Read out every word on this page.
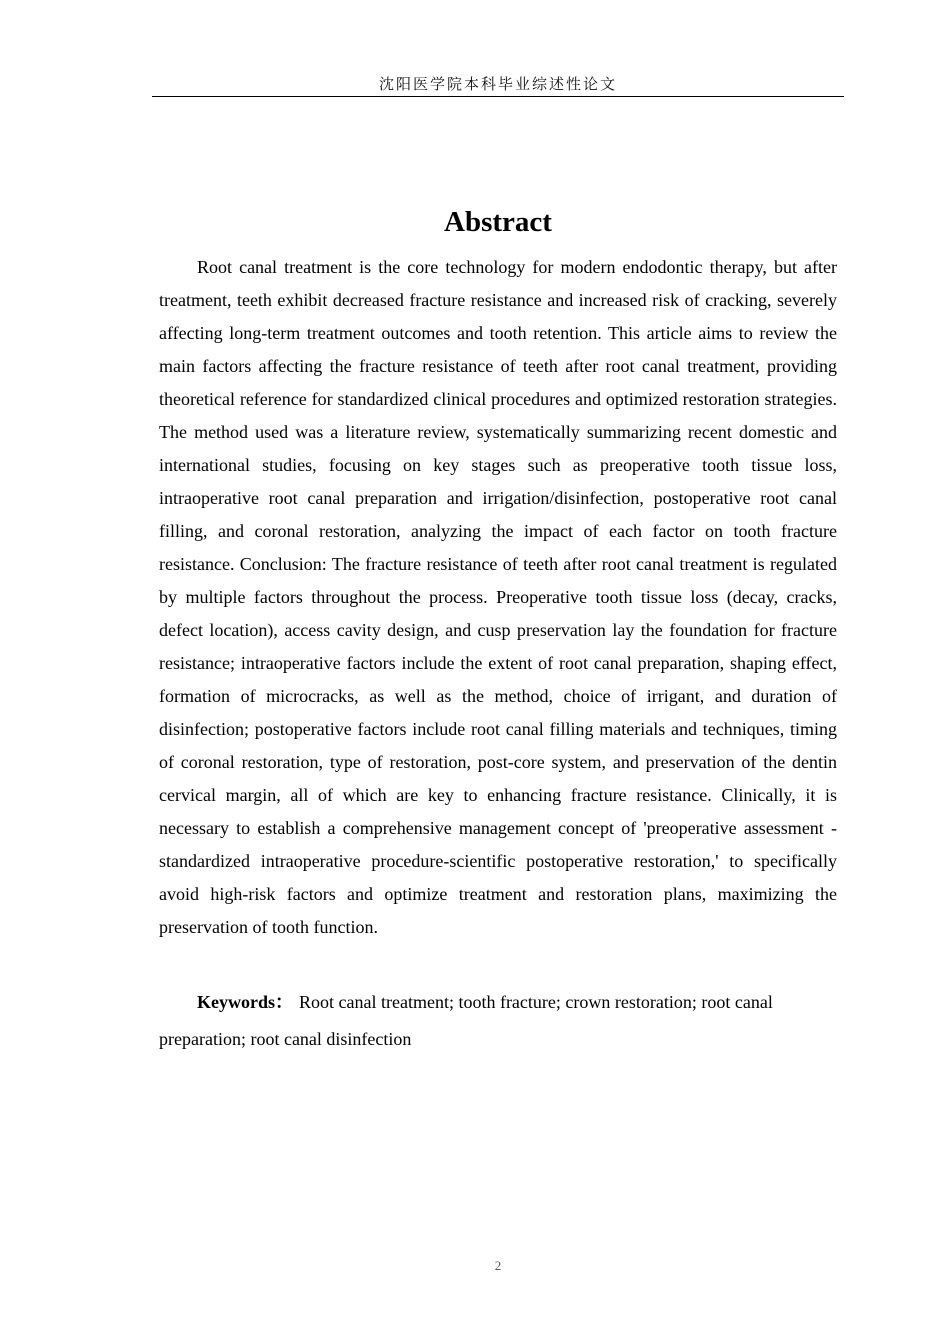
沈阳医学院本科毕业综述性论文
Abstract

Root canal treatment is the core technology for modern endodontic therapy, but after treatment, teeth exhibit decreased fracture resistance and increased risk of cracking, severely affecting long-term treatment outcomes and tooth retention. This article aims to review the main factors affecting the fracture resistance of teeth after root canal treatment, providing theoretical reference for standardized clinical procedures and optimized restoration strategies. The method used was a literature review, systematically summarizing recent domestic and international studies, focusing on key stages such as preoperative tooth tissue loss, intraoperative root canal preparation and irrigation/disinfection, postoperative root canal filling, and coronal restoration, analyzing the impact of each factor on tooth fracture resistance. Conclusion: The fracture resistance of teeth after root canal treatment is regulated by multiple factors throughout the process. Preoperative tooth tissue loss (decay, cracks, defect location), access cavity design, and cusp preservation lay the foundation for fracture resistance; intraoperative factors include the extent of root canal preparation, shaping effect, formation of microcracks, as well as the method, choice of irrigant, and duration of disinfection; postoperative factors include root canal filling materials and techniques, timing of coronal restoration, type of restoration, post-core system, and preservation of the dentin cervical margin, all of which are key to enhancing fracture resistance. Clinically, it is necessary to establish a comprehensive management concept of 'preoperative assessment - standardized intraoperative procedure-scientific postoperative restoration,' to specifically avoid high-risk factors and optimize treatment and restoration plans, maximizing the preservation of tooth function.

Keywords： Root canal treatment; tooth fracture; crown restoration; root canal preparation; root canal disinfection

2
